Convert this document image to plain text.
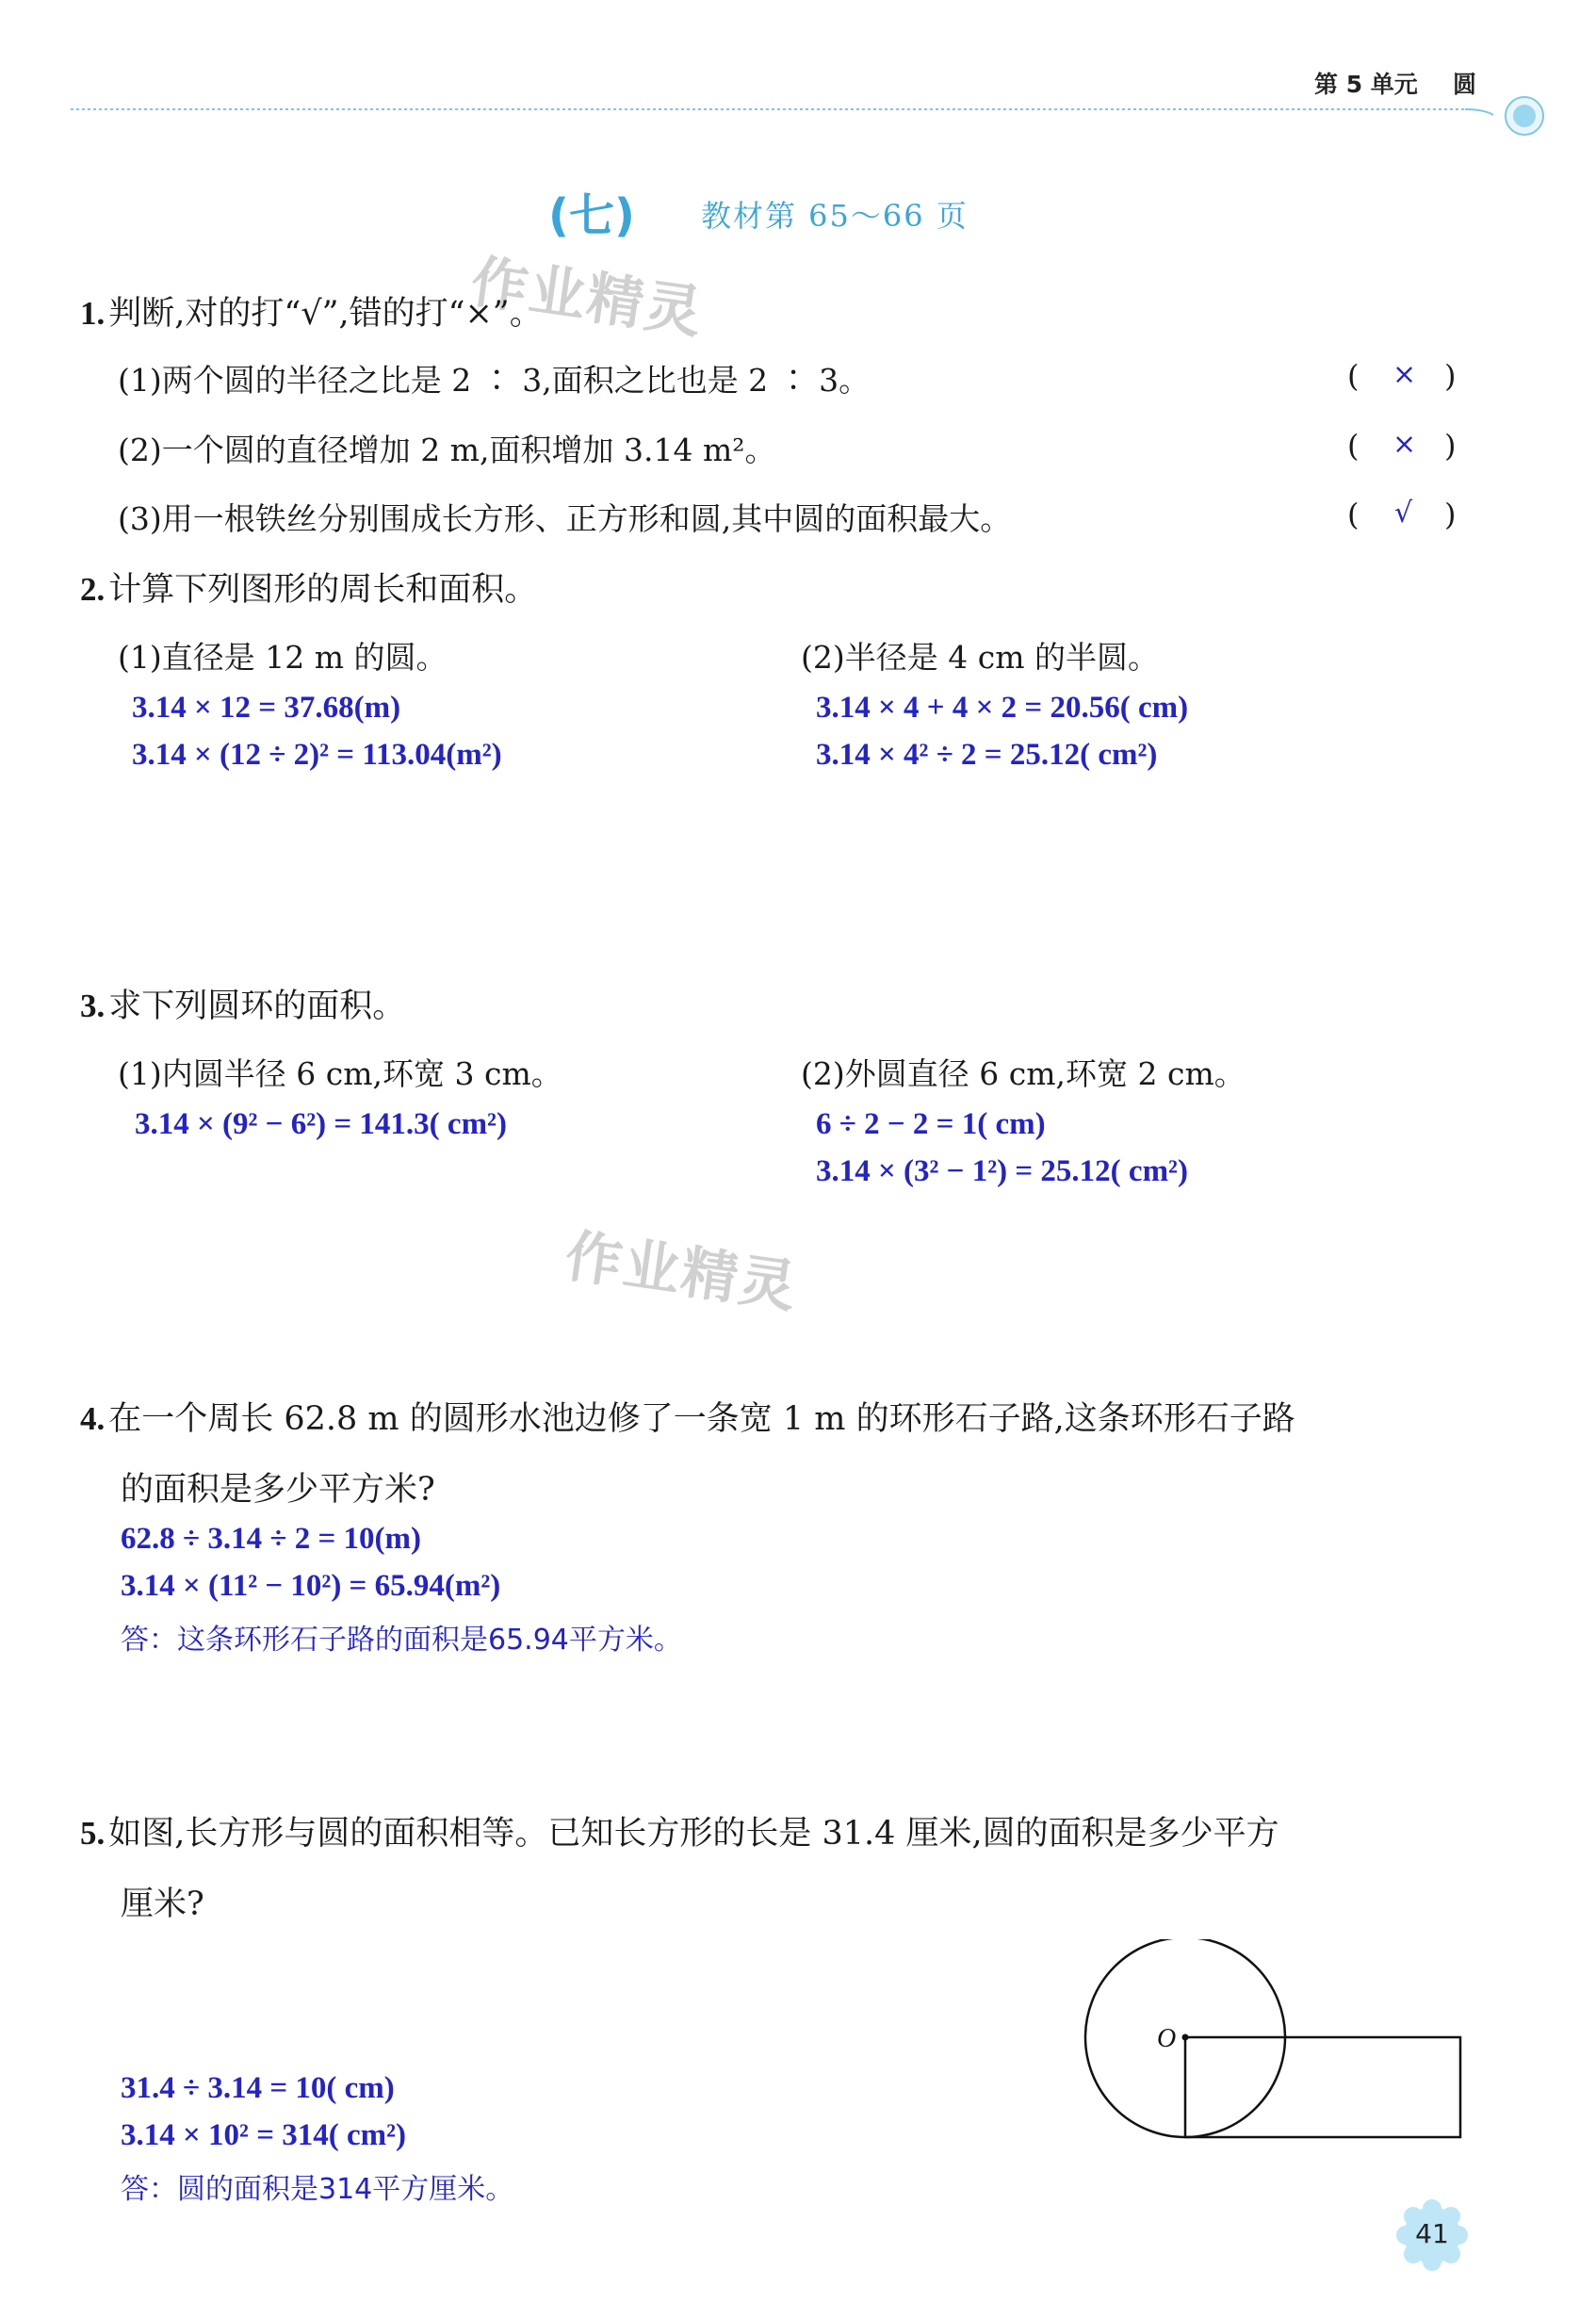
第 5 单元 圆
(七) 教材第 65～66 页
作业精灵
作业精灵
1. 判断,对的打“√”,错的打“×”。
(1)两个圆的半径之比是 2 ∶ 3,面积之比也是 2 ∶ 3。	( × )
(2)一个圆的直径增加 2 m,面积增加 3.14 m²。	( × )
(3)用一根铁丝分别围成长方形、正方形和圆,其中圆的面积最大。	( √ )
2. 计算下列图形的周长和面积。
(1)直径是 12 m 的圆。
3.14 × 12 = 37.68(m)
3.14 × (12 ÷ 2)² = 113.04(m²)
(2)半径是 4 cm 的半圆。
3.14 × 4 + 4 × 2 = 20.56( cm)
3.14 × 4² ÷ 2 = 25.12( cm²)
3. 求下列圆环的面积。
(1)内圆半径 6 cm,环宽 3 cm。
3.14 × (9² − 6²) = 141.3( cm²)
(2)外圆直径 6 cm,环宽 2 cm。
6 ÷ 2 − 2 = 1( cm)
3.14 × (3² − 1²) = 25.12( cm²)
4. 在一个周长 62.8 m 的圆形水池边修了一条宽 1 m 的环形石子路,这条环形石子路
的面积是多少平方米?
62.8 ÷ 3.14 ÷ 2 = 10(m)
3.14 × (11² − 10²) = 65.94(m²)
答：这条环形石子路的面积是65.94平方米。
5. 如图,长方形与圆的面积相等。已知长方形的长是 31.4 厘米,圆的面积是多少平方
厘米?
31.4 ÷ 3.14 = 10( cm)
3.14 × 10² = 314( cm²)
答：圆的面积是314平方厘米。
O
41
